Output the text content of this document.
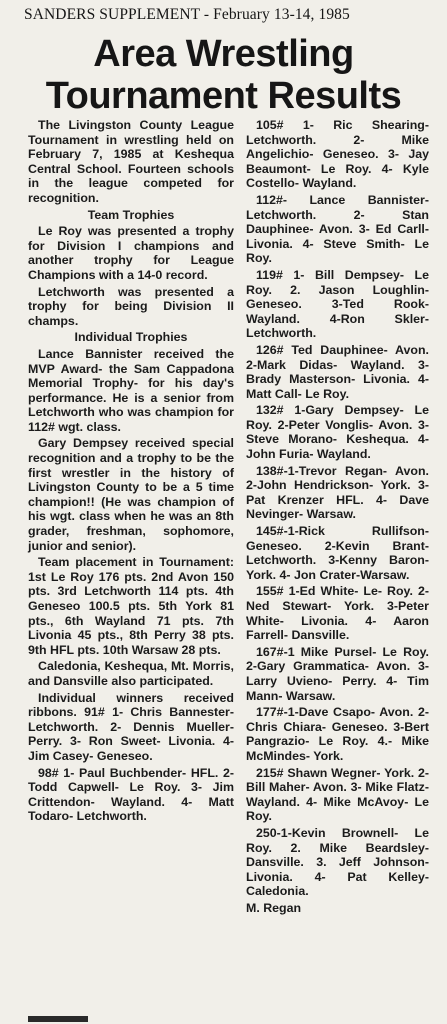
SANDERS SUPPLEMENT - February 13-14, 1985
Area Wrestling
Tournament Results

The Livingston County League Tournament in wrestling held on February 7, 1985 at Keshequa Central School. Fourteen schools in the league competed for recognition.

Team Trophies

Le Roy was presented a trophy for Division I champions and another trophy for League Champions with a 14-0 record.

Letchworth was presented a trophy for being Division II champs.

Individual Trophies

Lance Bannister received the MVP Award- the Sam Cappadona Memorial Trophy- for his day's performance. He is a senior from Letchworth who was champion for 112# wgt. class.

Gary Dempsey received special recognition and a trophy to be the first wrestler in the history of Livingston County to be a 5 time champion!! (He was champion of his wgt. class when he was an 8th grader, freshman, sophomore, junior and senior).

Team placement in Tournament: 1st Le Roy 176 pts. 2nd Avon 150 pts. 3rd Letchworth 114 pts. 4th Geneseo 100.5 pts. 5th York 81 pts., 6th Wayland 71 pts. 7th Livonia 45 pts., 8th Perry 38 pts. 9th HFL pts. 10th Warsaw 28 pts.

Caledonia, Keshequa, Mt. Morris, and Dansville also participated.

Individual winners received ribbons. 91# 1- Chris Bannester- Letchworth. 2- Dennis Mueller- Perry. 3- Ron Sweet- Livonia. 4- Jim Casey- Geneseo.

98# 1- Paul Buchbender- HFL. 2- Todd Capwell- Le Roy. 3- Jim Crittendon- Wayland. 4- Matt Todaro- Letchworth.

105# 1- Ric Shearing- Letchworth. 2- Mike Angelichio- Geneseo. 3- Jay Beaumont- Le Roy. 4- Kyle Costello- Wayland.

112#- Lance Bannister- Letchworth. 2- Stan Dauphinee- Avon. 3- Ed Carll- Livonia. 4- Steve Smith- Le Roy.

119# 1- Bill Dempsey- Le Roy. 2. Jason Loughlin- Geneseo. 3-Ted Rook- Wayland. 4-Ron Skler- Letchworth.

126# Ted Dauphinee- Avon. 2-Mark Didas- Wayland. 3-Brady Masterson- Livonia. 4- Matt Call- Le Roy.

132# 1-Gary Dempsey- Le Roy. 2-Peter Vonglis- Avon. 3-Steve Morano- Keshequa. 4-John Furia- Wayland.

138#-1-Trevor Regan- Avon. 2-John Hendrickson- York. 3-Pat Krenzer HFL. 4- Dave Nevinger- Warsaw.

145#-1-Rick Rullifson- Geneseo. 2-Kevin Brant- Letchworth. 3-Kenny Baron- York. 4- Jon Crater-Warsaw.

155# 1-Ed White- Le- Roy. 2-Ned Stewart- York. 3-Peter White- Livonia. 4- Aaron Farrell- Dansville.

167#-1 Mike Pursel- Le Roy. 2-Gary Grammatica- Avon. 3- Larry Uvieno- Perry. 4- Tim Mann- Warsaw.

177#-1-Dave Csapo- Avon. 2-Chris Chiara- Geneseo. 3-Bert Pangrazio- Le Roy. 4.- Mike McMindes- York.

215# Shawn Wegner- York. 2- Bill Maher- Avon. 3- Mike Flatz- Wayland. 4- Mike McAvoy- Le Roy.

250-1-Kevin Brownell- Le Roy. 2. Mike Beardsley- Dansville. 3. Jeff Johnson- Livonia. 4- Pat Kelley- Caledonia.

M. Regan
